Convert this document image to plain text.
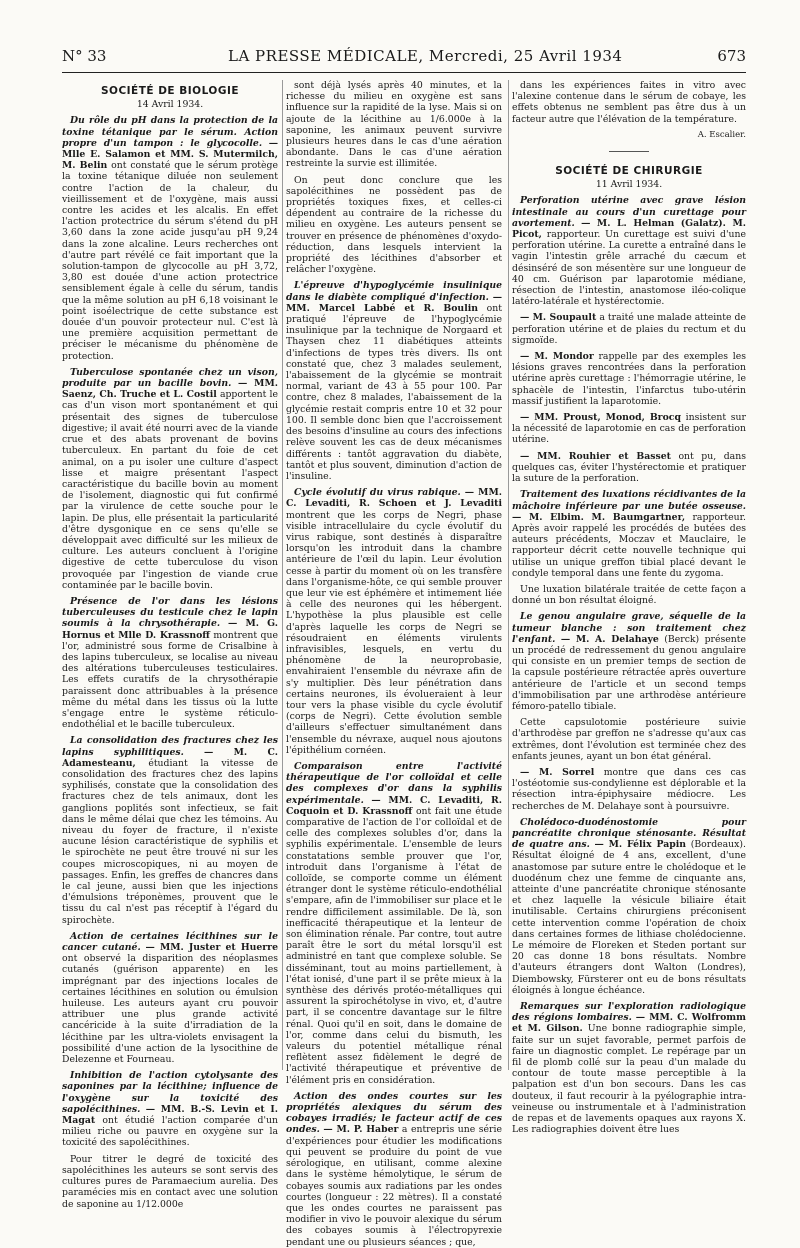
N° 33	LA PRESSE MÉDICALE, Mercredi, 25 Avril 1934	673
SOCIÉTÉ DE BIOLOGIE
14 Avril 1934.

Du rôle du pH dans la protection de la toxine tétanique par le sérum. Action propre d'un tampon : le glycocolle. — Mlle E. Salamon et MM. S. Mutermilch, M. Belin ont constaté que le sérum protège la toxine tétanique diluée non seulement contre l'action de la chaleur, du vieillissement et de l'oxygène, mais aussi contre les acides et les alcalis. En effet l'action protectrice du sérum s'étend du pH 3,60 dans la zone acide jusqu'au pH 9,24 dans la zone alcaline. Leurs recherches ont d'autre part révélé ce fait important que la solution-tampon de glycocolle au pH 3,72, 3,80 est douée d'une action protectrice sensiblement égale à celle du sérum, tandis que la même solution au pH 6,18 voisinant le point isoélectrique de cette substance est douée d'un pouvoir protecteur nul. C'est là une première acquisition permettant de préciser le mécanisme du phénomène de protection.

Tuberculose spontanée chez un vison, produite par un bacille bovin. — MM. Saenz, Ch. Truche et L. Costil apportent le cas d'un vison mort spontanément et qui présentait des signes de tuberculose digestive; il avait été nourri avec de la viande crue et des abats provenant de bovins tuberculeux. En partant du foie de cet animal, on a pu isoler une culture d'aspect lisse et maigre présentant l'aspect caractéristique du bacille bovin au moment de l'isolement, diagnostic qui fut confirmé par la virulence de cette souche pour le lapin. De plus, elle présentait la particularité d'être dysgonique en ce sens qu'elle se développait avec difficulté sur les milieux de culture. Les auteurs concluent à l'origine digestive de cette tuberculose du vison provoquée par l'ingestion de viande crue contaminée par le bacille bovin.

Présence de l'or dans les lésions tuberculeuses du testicule chez le lapin soumis à la chrysothérapie. — M. G. Hornus et Mlle D. Krassnoff montrent que l'or, administré sous forme de Crisalbine à des lapins tuberculeux, se localise au niveau des altérations tuberculeuses testiculaires. Les effets curatifs de la chrysothérapie paraissent donc attribuables à la présence même du métal dans les tissus où la lutte s'engage entre le système réticulo-endothélial et le bacille tuberculeux.

La consolidation des fractures chez les lapins syphilitiques. — M. C. Adamesteanu, étudiant la vitesse de consolidation des fractures chez des lapins syphilisés, constate que la consolidation des fractures chez de tels animaux, dont les ganglions poplités sont infectieux, se fait dans le même délai que chez les témoins. Au niveau du foyer de fracture, il n'existe aucune lésion caractéristique de syphilis et le spirochète ne peut être trouvé ni sur les coupes microscopiques, ni au moyen de passages. Enfin, les greffes de chancres dans le cal jeune, aussi bien que les injections d'émulsions tréponèmes, prouvent que le tissu du cal n'est pas réceptif à l'égard du spirochète.

Action de certaines lécithines sur le cancer cutané. — MM. Juster et Huerre ont observé la disparition des néoplasmes cutanés (guérison apparente) en les imprégnant par des injections locales de certaines lécithines en solution ou émulsion huileuse. Les auteurs ayant cru pouvoir attribuer une plus grande activité cancéricide à la suite d'irradiation de la lécithine par les ultra-violets envisagent la possibilité d'une action de la lysocithine de Delezenne et Fourneau.

Inhibition de l'action cytolysante des saponines par la lécithine; influence de l'oxygène sur la toxicité des sapolécithines. — MM. B.-S. Levin et I. Magat ont étudié l'action comparée d'un milieu riche ou pauvre en oxygène sur la toxicité des sapolécithines.

Pour titrer le degré de toxicité des sapolécithines les auteurs se sont servis des cultures pures de Paramaecium aurelia. Des paramécies mis en contact avec une solution de saponine au 1/12.000e

sont déjà lysés après 40 minutes, et la richesse du milieu en oxygène est sans influence sur la rapidité de la lyse. Mais si on ajoute de la lécithine au 1/6.000e à la saponine, les animaux peuvent survivre plusieurs heures dans le cas d'une aération abondante. Dans le cas d'une aération restreinte la survie est illimitée.

On peut donc conclure que les sapolécithines ne possèdent pas de propriétés toxiques fixes, et celles-ci dépendent au contraire de la richesse du milieu en oxygène. Les auteurs pensent se trouver en présence de phénomènes d'oxydo-réduction, dans lesquels intervient la propriété des lécithines d'absorber et relâcher l'oxygène.

L'épreuve d'hypoglycémie insulinique dans le diabète compliqué d'infection. — MM. Marcel Labbé et R. Boulin ont pratiqué l'épreuve de l'hypoglycémie insulinique par la technique de Norgaard et Thaysen chez 11 diabétiques atteints d'infections de types très divers. Ils ont constaté que, chez 3 malades seulement, l'abaissement de la glycémie se montrait normal, variant de 43 à 55 pour 100. Par contre, chez 8 malades, l'abaissement de la glycémie restait compris entre 10 et 32 pour 100. Il semble donc bien que l'accroissement des besoins d'insuline au cours des infections relève souvent les cas de deux mécanismes différents : tantôt aggravation du diabète, tantôt et plus souvent, diminution d'action de l'insuline.

Cycle évolutif du virus rabique. — MM. C. Levaditi, R. Schoen et J. Levaditi montrent que les corps de Negri, phase visible intracellulaire du cycle évolutif du virus rabique, sont destinés à disparaître lorsqu'on les introduit dans la chambre antérieure de l'œil du lapin. Leur évolution cesse à partir du moment où on les transfère dans l'organisme-hôte, ce qui semble prouver que leur vie est éphémère et intimement liée à celle des neurones qui les hébergent. L'hypothèse la plus plausible est celle d'après laquelle les corps de Negri se résoudraient en éléments virulents infravisibles, lesquels, en vertu du phénomène de la neuroprobasie, envahiraient l'ensemble du névraxe afin de s'y multiplier. Dès leur pénétration dans certains neurones, ils évolueraient à leur tour vers la phase visible du cycle évolutif (corps de Negri). Cette évolution semble d'ailleurs s'effectuer simultanément dans l'ensemble du névraxe, auquel nous ajoutons l'épithélium cornéen.

Comparaison entre l'activité thérapeutique de l'or colloïdal et celle des complexes d'or dans la syphilis expérimentale. — MM. C. Levaditi, R. Coquoin et D. Krassnoff ont fait une étude comparative de l'action de l'or colloïdal et de celle des complexes solubles d'or, dans la syphilis expérimentale. L'ensemble de leurs constatations semble prouver que l'or, introduit dans l'organisme à l'état de colloïde, se comporte comme un élément étranger dont le système réticulo-endothélial s'empare, afin de l'immobiliser sur place et le rendre difficilement assimilable. De là, son inefficacité thérapeutique et la lenteur de son élimination rénale. Par contre, tout autre paraît être le sort du métal lorsqu'il est administré en tant que complexe soluble. Se disséminant, tout au moins partiellement, à l'état ionisé, d'une part il se prête mieux à la synthèse des dérivés protéo-métalliques qui assurent la spirochétolyse in vivo, et, d'autre part, il se concentre davantage sur le filtre rénal. Quoi qu'il en soit, dans le domaine de l'or, comme dans celui du bismuth, les valeurs du potentiel métallique rénal reflètent assez fidèlement le degré de l'activité thérapeutique et préventive de l'élément pris en considération.

Action des ondes courtes sur les propriétés alexiques du sérum des cobayes irradiés; le facteur actif de ces ondes. — M. P. Haber a entrepris une série d'expériences pour étudier les modifications qui peuvent se produire du point de vue sérologique, en utilisant, comme alexine dans le système hémolytique, le sérum de cobayes soumis aux radiations par les ondes courtes (longueur : 22 mètres). Il a constaté que les ondes courtes ne paraissent pas modifier in vivo le pouvoir alexique du sérum des cobayes soumis à l'électropyrexie pendant une ou plusieurs séances ; que,

dans les expériences faites in vitro avec l'alexine contenue dans le sérum de cobaye, les effets obtenus ne semblent pas être dus à un facteur autre que l'élévation de la température.

A. Escalier.
SOCIÉTÉ DE CHIRURGIE
11 Avril 1934.

Perforation utérine avec grave lésion intestinale au cours d'un curettage pour avortement. — M. L. Helman (Galatz). M. Picot, rapporteur. Un curettage est suivi d'une perforation utérine. La curette a entraîné dans le vagin l'intestin grêle arraché du cæcum et désinséré de son mésentère sur une longueur de 40 cm. Guérison par laparotomie médiane, résection de l'intestin, anastomose iléo-colique latéro-latérale et hystérectomie.

— M. Soupault a traité une malade atteinte de perforation utérine et de plaies du rectum et du sigmoïde.

— M. Mondor rappelle par des exemples les lésions graves rencontrées dans la perforation utérine après curettage : l'hémorragie utérine, le sphacèle de l'intestin, l'infarctus tubo-utérin massif justifient la laparotomie.

— MM. Proust, Monod, Brocq insistent sur la nécessité de laparotomie en cas de perforation utérine.

— MM. Rouhier et Basset ont pu, dans quelques cas, éviter l'hystérectomie et pratiquer la suture de la perforation.

Traitement des luxations récidivantes de la mâchoire inférieure par une butée osseuse. — M. Elbim. M. Baumgartner, rapporteur. Après avoir rappelé les procédés de butées des auteurs précédents, Moczav et Mauclaire, le rapporteur décrit cette nouvelle technique qui utilise un unique greffon tibial placé devant le condyle temporal dans une fente du zygoma.

Une luxation bilatérale traitée de cette façon a donné un bon résultat éloigné.

Le genou angulaire grave, séquelle de la tumeur blanche : son traitement chez l'enfant. — M. A. Delahaye (Berck) présente un procédé de redressement du genou angulaire qui consiste en un premier temps de section de la capsule postérieure rétractée après ouverture antérieure de l'article et un second temps d'immobilisation par une arthrodèse antérieure fémoro-patello tibiale.

Cette capsulotomie postérieure suivie d'arthrodèse par greffon ne s'adresse qu'aux cas extrêmes, dont l'évolution est terminée chez des enfants jeunes, ayant un bon état général.

— M. Sorrel montre que dans ces cas l'ostéotomie sus-condylienne est déplorable et la résection intra-épiphysaire médiocre. Les recherches de M. Delahaye sont à poursuivre.

Cholédoco-duodénostomie pour pancréatite chronique sténosante. Résultat de quatre ans. — M. Félix Papin (Bordeaux). Résultat éloigné de 4 ans, excellent, d'une anastomose par suture entre le cholédoque et le duodénum chez une femme de cinquante ans, atteinte d'une pancréatite chronique sténosante et chez laquelle la vésicule biliaire était inutilisable. Certains chirurgiens préconisent cette intervention comme l'opération de choix dans certaines formes de lithiase cholédocienne. Le mémoire de Floreken et Steden portant sur 20 cas donne 18 bons résultats. Nombre d'auteurs étrangers dont Walton (Londres), Diembowsky, Fürsterer ont eu de bons résultats éloignés à longue échéance.

Remarques sur l'exploration radiologique des régions lombaires. — MM. C. Wolfromm et M. Gilson. Une bonne radiographie simple, faite sur un sujet favorable, permet parfois de faire un diagnostic complet. Le repérage par un fil de plomb collé sur la peau d'un malade du contour de toute masse perceptible à la palpation est d'un bon secours. Dans les cas douteux, il faut recourir à la pyélographie intra-veineuse ou instrumentale et à l'administration de repas et de lavements opaques aux rayons X. Les radiographies doivent être lues
